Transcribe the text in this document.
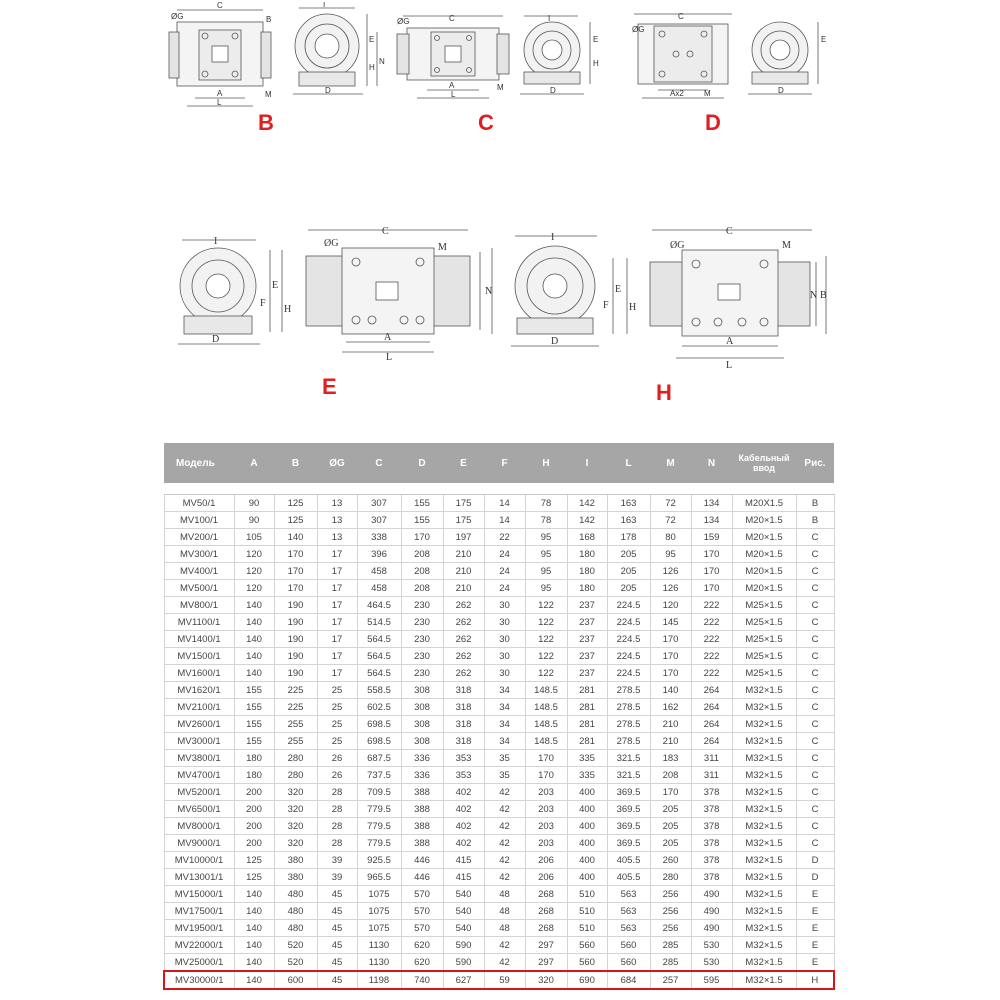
C
ØG
A
L
M
B
I
D
E
N
H
B
C
ØG
A
L
M
I
D
E
H
C
C
ØG
Ax2	M	D
E
D
I
D
E
F
H
C
ØG	M
A
L
N
E
I
D
E
F H
C
ØG	M
A
L
N B
H
Модель	A	B	ØG	C	D	E	F	H	I	L	M	N	Кабельный ввод	Рис.

MV50/1	90	125	13	307	155	175	14	78	142	163	72	134	M20X1.5	B
MV100/1	90	125	13	307	155	175	14	78	142	163	72	134	M20×1.5	B
MV200/1	105	140	13	338	170	197	22	95	168	178	80	159	M20×1.5	C
MV300/1	120	170	17	396	208	210	24	95	180	205	95	170	M20×1.5	C
MV400/1	120	170	17	458	208	210	24	95	180	205	126	170	M20×1.5	C
MV500/1	120	170	17	458	208	210	24	95	180	205	126	170	M20×1.5	C
MV800/1	140	190	17	464.5	230	262	30	122	237	224.5	120	222	M25×1.5	C
MV1100/1	140	190	17	514.5	230	262	30	122	237	224.5	145	222	M25×1.5	C
MV1400/1	140	190	17	564.5	230	262	30	122	237	224.5	170	222	M25×1.5	C
MV1500/1	140	190	17	564.5	230	262	30	122	237	224.5	170	222	M25×1.5	C
MV1600/1	140	190	17	564.5	230	262	30	122	237	224.5	170	222	M25×1.5	C
MV1620/1	155	225	25	558.5	308	318	34	148.5	281	278.5	140	264	M32×1.5	C
MV2100/1	155	225	25	602.5	308	318	34	148.5	281	278.5	162	264	M32×1.5	C
MV2600/1	155	255	25	698.5	308	318	34	148.5	281	278.5	210	264	M32×1.5	C
MV3000/1	155	255	25	698.5	308	318	34	148.5	281	278.5	210	264	M32×1.5	C
MV3800/1	180	280	26	687.5	336	353	35	170	335	321.5	183	311	M32×1.5	C
MV4700/1	180	280	26	737.5	336	353	35	170	335	321.5	208	311	M32×1.5	C
MV5200/1	200	320	28	709.5	388	402	42	203	400	369.5	170	378	M32×1.5	C
MV6500/1	200	320	28	779.5	388	402	42	203	400	369.5	205	378	M32×1.5	C
MV8000/1	200	320	28	779.5	388	402	42	203	400	369.5	205	378	M32×1.5	C
MV9000/1	200	320	28	779.5	388	402	42	203	400	369.5	205	378	M32×1.5	C
MV10000/1	125	380	39	925.5	446	415	42	206	400	405.5	260	378	M32×1.5	D
MV13001/1	125	380	39	965.5	446	415	42	206	400	405.5	280	378	M32×1.5	D
MV15000/1	140	480	45	1075	570	540	48	268	510	563	256	490	M32×1.5	E
MV17500/1	140	480	45	1075	570	540	48	268	510	563	256	490	M32×1.5	E
MV19500/1	140	480	45	1075	570	540	48	268	510	563	256	490	M32×1.5	E
MV22000/1	140	520	45	1130	620	590	42	297	560	560	285	530	M32×1.5	E
MV25000/1	140	520	45	1130	620	590	42	297	560	560	285	530	M32×1.5	E
MV30000/1	140	600	45	1198	740	627	59	320	690	684	257	595	M32×1.5	H
